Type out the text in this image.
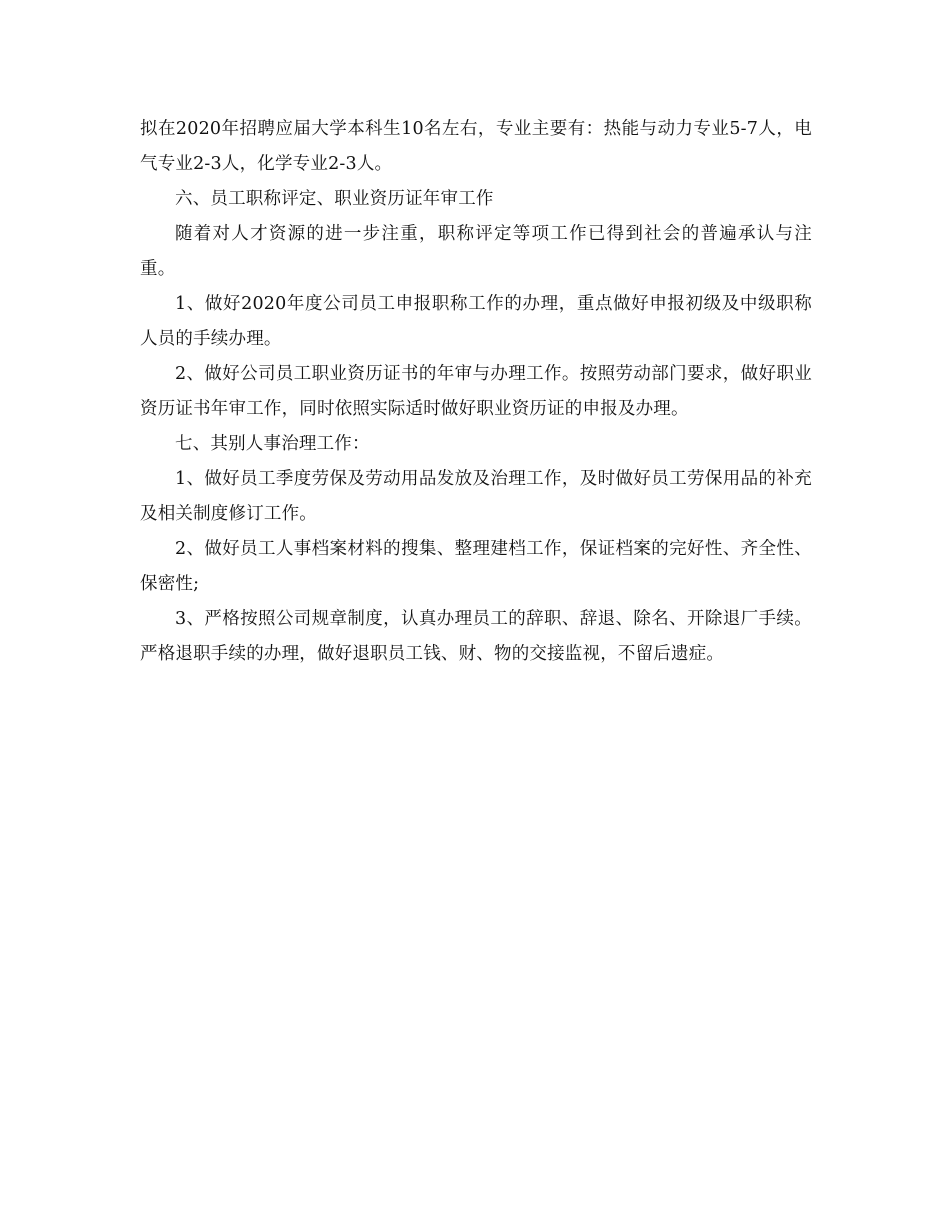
拟在2020年招聘应届大学本科生10名左右，专业主要有：热能与动力专业5-7人，电气专业2-3人，化学专业2-3人。

六、员工职称评定、职业资历证年审工作

随着对人才资源的进一步注重，职称评定等项工作已得到社会的普遍承认与注重。

1、做好2020年度公司员工申报职称工作的办理，重点做好申报初级及中级职称人员的手续办理。

2、做好公司员工职业资历证书的年审与办理工作。按照劳动部门要求，做好职业资历证书年审工作，同时依照实际适时做好职业资历证的申报及办理。

七、其别人事治理工作：

1、做好员工季度劳保及劳动用品发放及治理工作，及时做好员工劳保用品的补充及相关制度修订工作。

2、做好员工人事档案材料的搜集、整理建档工作，保证档案的完好性、齐全性、保密性;

3、严格按照公司规章制度，认真办理员工的辞职、辞退、除名、开除退厂手续。严格退职手续的办理，做好退职员工钱、财、物的交接监视，不留后遗症。
